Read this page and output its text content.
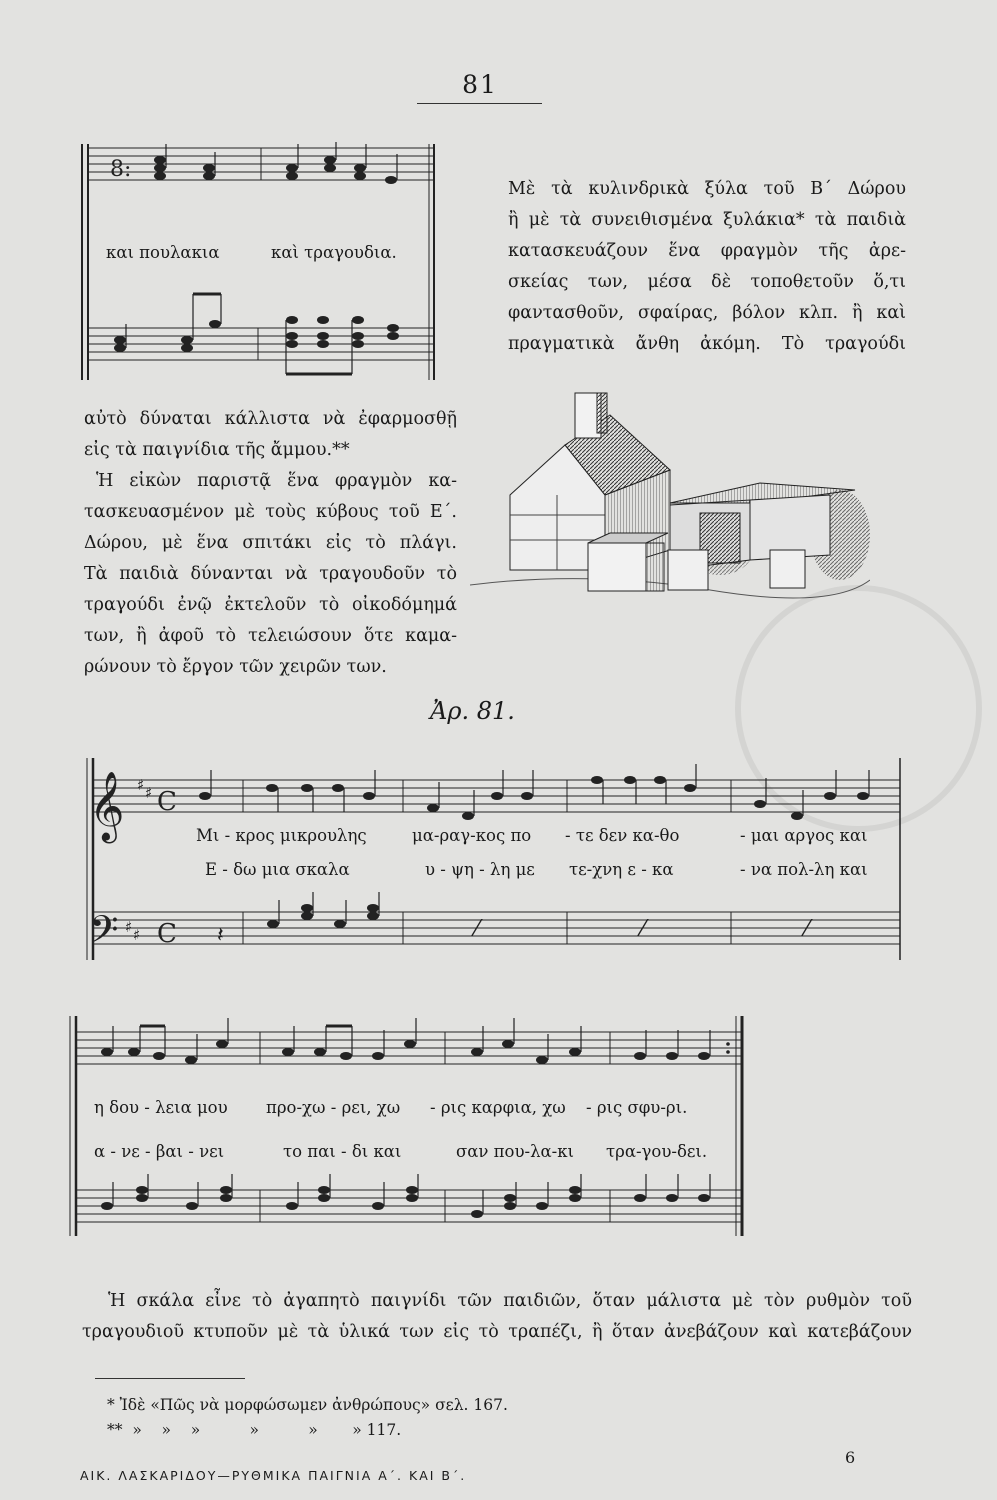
81
8:
και πουλακια	καὶ τραγουδια.
Μὲ τὰ κυλινδρικὰ ξύλα τοῦ Β΄ Δώρου
ἢ μὲ τὰ συνειθισμένα ξυλάκια* τὰ παιδιὰ
κατασκευάζουν ἕνα φραγμὸν τῆς ἀρε-
σκείας των, μέσα δὲ τοποθετοῦν ὅ,τι
φαντασθοῦν, σφαίρας, βόλον κλπ. ἢ καὶ
πραγματικὰ ἄνθη ἀκόμη. Τὸ τραγούδι
αὐτὸ δύναται κάλλιστα νὰ ἐφαρμοσθῇ
εἰς τὰ παιγνίδια τῆς ἄμμου.**
Ἡ εἰκὼν παριστᾷ ἕνα φραγμὸν κα-
τασκευασμένον μὲ τοὺς κύβους τοῦ Ε΄.
Δώρου, μὲ ἕνα σπιτάκι εἰς τὸ πλάγι.
Τὰ παιδιὰ δύνανται νὰ τραγουδοῦν τὸ
τραγούδι ἐνῷ ἐκτελοῦν τὸ οἰκοδόμημά
των, ἢ ἀφοῦ τὸ τελειώσουν ὅτε καμα-
ρώνουν τὸ ἔργον τῶν χειρῶν των.
Ἀρ. 81.
𝄞 ♯ ♯ C
𝄢 ♯ ♯ C 𝄽	⁄	⁄	⁄
Μι - κρος μικρουλης	μα-ραγ-κος πο - τε δεν κα-θο	- μαι αργος και
Ε - δω μια σκαλα	υ - ψη - λη με τε-χνη ε - κα	- να πολ-λη και
η δου - λεια μου προ-χω - ρει, χω - ρις καρφια, χω - ρις σφυ-ρι.
α - νε - βαι - νει	το παι - δι και	σαν που-λα-κι τρα-γου-δει.
Ἡ σκάλα εἶνε τὸ ἀγαπητὸ παιγνίδι τῶν παιδιῶν, ὅταν μάλιστα μὲ τὸν ρυθμὸν τοῦ
τραγουδιοῦ κτυποῦν μὲ τὰ ὑλικά των εἰς τὸ τραπέζι, ἢ ὅταν ἀνεβάζουν καὶ κατεβάζουν
* Ἰδὲ «Πῶς νὰ μορφώσωμεν ἀνθρώπους» σελ. 167.
**  »    »    »          »          »       » 117.
ΑΙΚ. ΛΑΣΚΑΡΙΔΟΥ—ΡΥΘΜΙΚΑ ΠΑΙΓΝΙΑ Α΄. ΚΑΙ Β΄.
6
